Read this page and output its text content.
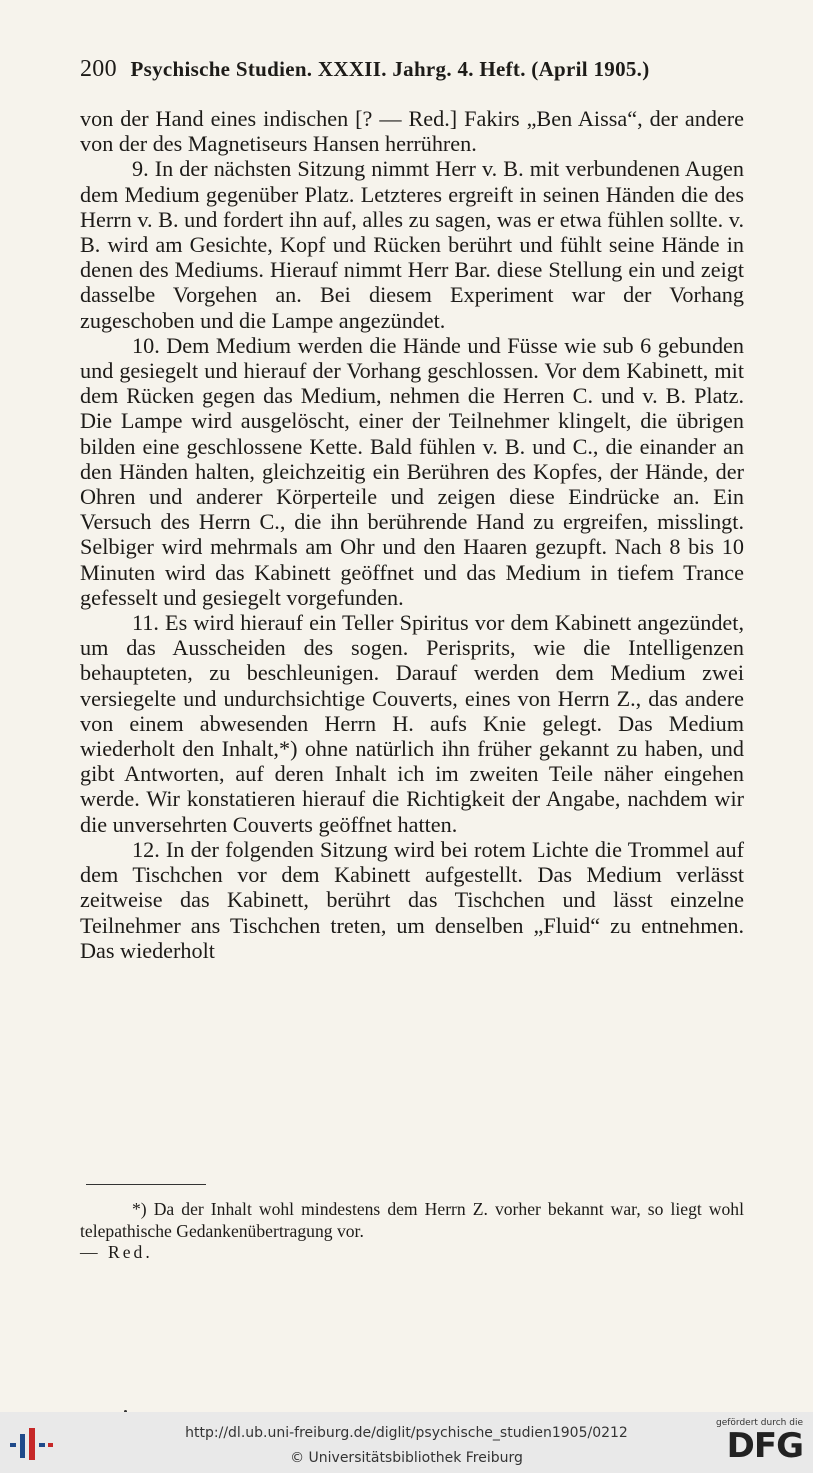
200 Psychische Studien. XXXII. Jahrg. 4. Heft. (April 1905.)

von der Hand eines indischen [? — Red.] Fakirs „Ben Aissa“, der andere von der des Magnetiseurs Hansen herrühren.

9. In der nächsten Sitzung nimmt Herr v. B. mit verbundenen Augen dem Medium gegenüber Platz. Letzteres ergreift in seinen Händen die des Herrn v. B. und fordert ihn auf, alles zu sagen, was er etwa fühlen sollte. v. B. wird am Gesichte, Kopf und Rücken berührt und fühlt seine Hände in denen des Mediums. Hierauf nimmt Herr Bar. diese Stellung ein und zeigt dasselbe Vorgehen an. Bei diesem Experiment war der Vorhang zugeschoben und die Lampe angezündet.

10. Dem Medium werden die Hände und Füsse wie sub 6 gebunden und gesiegelt und hierauf der Vorhang geschlossen. Vor dem Kabinett, mit dem Rücken gegen das Medium, nehmen die Herren C. und v. B. Platz. Die Lampe wird ausgelöscht, einer der Teilnehmer klingelt, die übrigen bilden eine geschlossene Kette. Bald fühlen v. B. und C., die einander an den Händen halten, gleichzeitig ein Berühren des Kopfes, der Hände, der Ohren und anderer Körperteile und zeigen diese Eindrücke an. Ein Versuch des Herrn C., die ihn berührende Hand zu ergreifen, misslingt. Selbiger wird mehrmals am Ohr und den Haaren gezupft. Nach 8 bis 10 Minuten wird das Kabinett geöffnet und das Medium in tiefem Trance gefesselt und gesiegelt vorgefunden.

11. Es wird hierauf ein Teller Spiritus vor dem Kabinett angezündet, um das Ausscheiden des sogen. Perisprits, wie die Intelligenzen behaupteten, zu beschleunigen. Darauf werden dem Medium zwei versiegelte und undurchsichtige Couverts, eines von Herrn Z., das andere von einem abwesenden Herrn H. aufs Knie gelegt. Das Medium wiederholt den Inhalt,*) ohne natürlich ihn früher gekannt zu haben, und gibt Antworten, auf deren Inhalt ich im zweiten Teile näher eingehen werde. Wir konstatieren hierauf die Richtigkeit der Angabe, nachdem wir die unversehrten Couverts geöffnet hatten.

12. In der folgenden Sitzung wird bei rotem Lichte die Trommel auf dem Tischchen vor dem Kabinett aufgestellt. Das Medium verlässt zeitweise das Kabinett, berührt das Tischchen und lässt einzelne Teilnehmer ans Tischchen treten, um denselben „Fluid“ zu entnehmen. Das wiederholt

*) Da der Inhalt wohl mindestens dem Herrn Z. vorher bekannt war, so liegt wohl telepathische Gedankenübertragung vor.
— Red.

http://dl.ub.uni-freiburg.de/diglit/psychische_studien1905/0212
© Universitätsbibliothek Freiburg
gefördert durch die
DFG
